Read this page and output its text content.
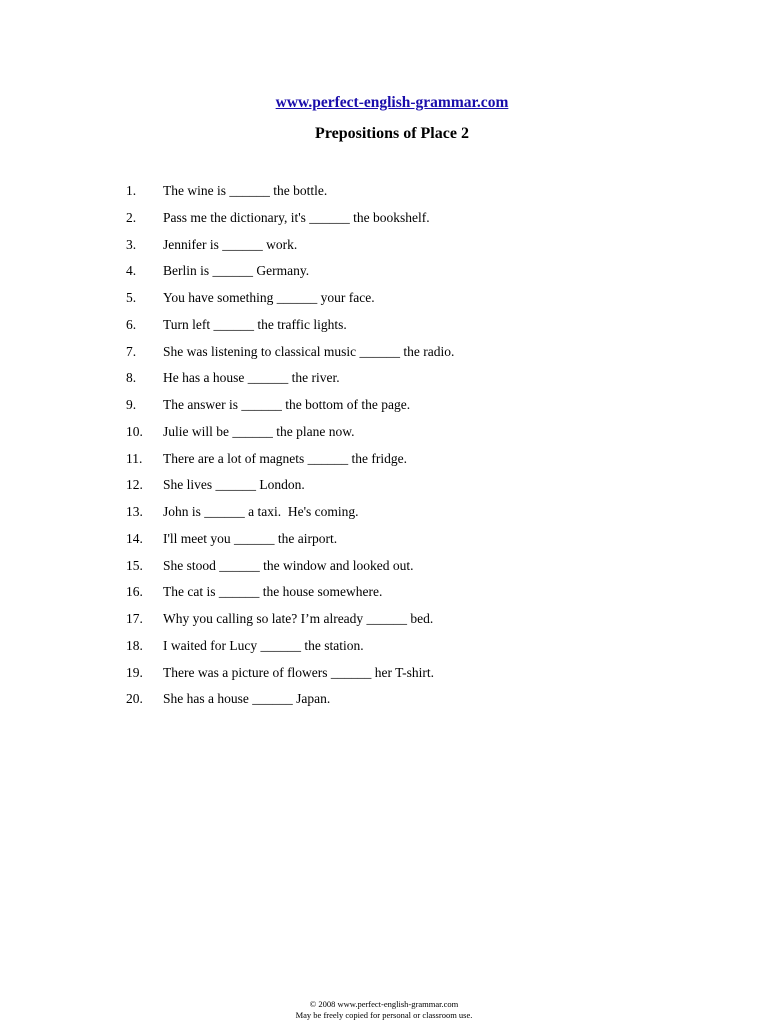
www.perfect-english-grammar.com
Prepositions of Place 2
1.	The wine is ______ the bottle.
2.	Pass me the dictionary, it's ______ the bookshelf.
3.	Jennifer is ______ work.
4.	Berlin is ______ Germany.
5.	You have something ______ your face.
6.	Turn left ______ the traffic lights.
7.	She was listening to classical music ______ the radio.
8.	He has a house ______ the river.
9.	The answer is ______ the bottom of the page.
10.	Julie will be ______ the plane now.
11.	There are a lot of magnets ______ the fridge.
12.	She lives ______ London.
13.	John is ______ a taxi.  He's coming.
14.	I'll meet you ______ the airport.
15.	She stood ______ the window and looked out.
16.	The cat is ______ the house somewhere.
17.	Why you calling so late? I’m already ______ bed.
18.	I waited for Lucy ______ the station.
19.	There was a picture of flowers ______ her T-shirt.
20.	She has a house ______ Japan.
© 2008 www.perfect-english-grammar.com
May be freely copied for personal or classroom use.
